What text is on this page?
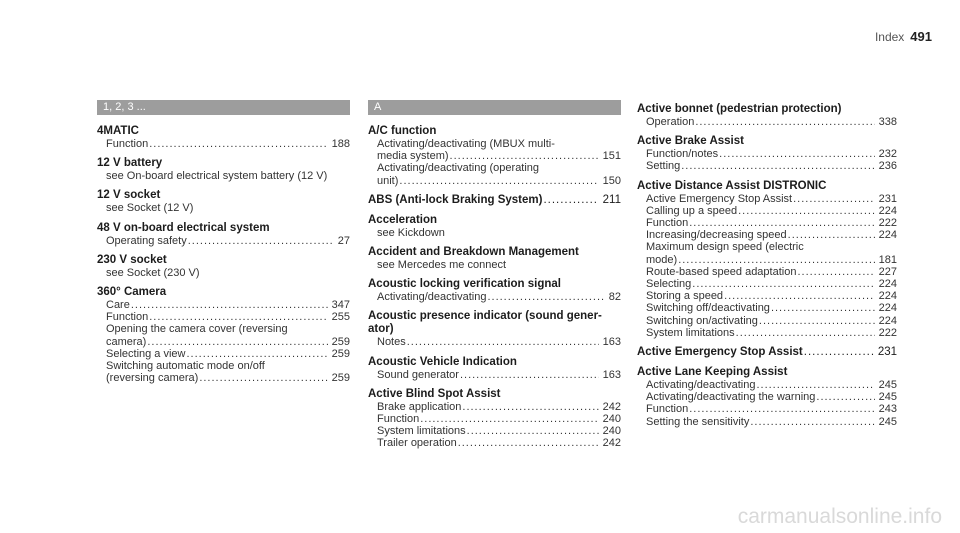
Index 491
1, 2, 3 ...
4MATIC
Function .....	188
12 V battery
see On-board electrical system battery (12 V)
12 V socket
see Socket (12 V)
48 V on-board electrical system
Operating safety .....	27
230 V socket
see Socket (230 V)
360° Camera
Care .....	347
Function .....	255
Opening the camera cover (reversing
camera) .....	259
Selecting a view .....	259
Switching automatic mode on/off
(reversing camera) .....	259
A
A/C function
Activating/deactivating (MBUX multi-
media system) .....	151
Activating/deactivating (operating
unit) .....	150
ABS (Anti-lock Braking System) .....	211
Acceleration
see Kickdown
Accident and Breakdown Management
see Mercedes me connect
Acoustic locking verification signal
Activating/deactivating .....	82
Acoustic presence indicator (sound gener-
ator)
Notes .....	163
Acoustic Vehicle Indication
Sound generator .....	163
Active Blind Spot Assist
Brake application .....	242
Function .....	240
System limitations .....	240
Trailer operation .....	242
Active bonnet (pedestrian protection)
Operation .....	338
Active Brake Assist
Function/notes .....	232
Setting .....	236
Active Distance Assist DISTRONIC
Active Emergency Stop Assist .....	231
Calling up a speed .....	224
Function .....	222
Increasing/decreasing speed .....	224
Maximum design speed (electric
mode) .....	181
Route-based speed adaptation .....	227
Selecting .....	224
Storing a speed .....	224
Switching off/deactivating .....	224
Switching on/activating .....	224
System limitations .....	222
Active Emergency Stop Assist .....	231
Active Lane Keeping Assist
Activating/deactivating .....	245
Activating/deactivating the warning .....	245
Function .....	243
Setting the sensitivity .....	245
carmanualsonline.info
